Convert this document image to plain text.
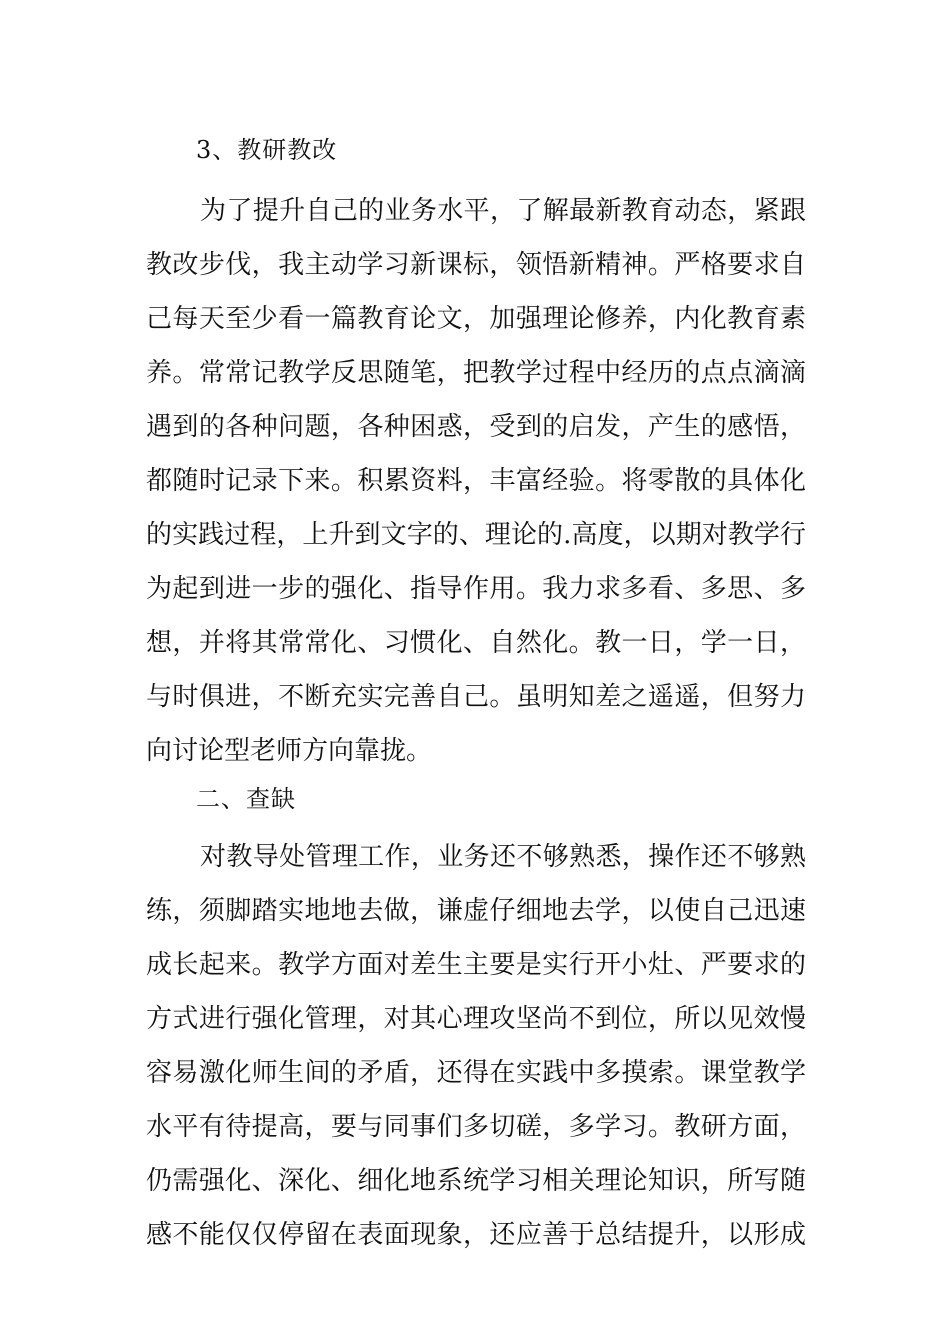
3、教研教改
为了提升自己的业务水平，了解最新教育动态，紧跟
教改步伐，我主动学习新课标，领悟新精神。严格要求自
己每天至少看一篇教育论文，加强理论修养，内化教育素
养。常常记教学反思随笔，把教学过程中经历的点点滴滴
遇到的各种问题，各种困惑，受到的启发，产生的感悟，
都随时记录下来。积累资料，丰富经验。将零散的具体化
的实践过程，上升到文字的、理论的.高度，以期对教学行
为起到进一步的强化、指导作用。我力求多看、多思、多
想，并将其常常化、习惯化、自然化。教一日，学一日，
与时俱进，不断充实完善自己。虽明知差之遥遥，但努力
向讨论型老师方向靠拢。
二、查缺
对教导处管理工作，业务还不够熟悉，操作还不够熟
练，须脚踏实地地去做，谦虚仔细地去学，以使自己迅速
成长起来。教学方面对差生主要是实行开小灶、严要求的
方式进行强化管理，对其心理攻坚尚不到位，所以见效慢
容易激化师生间的矛盾，还得在实践中多摸索。课堂教学
水平有待提高，要与同事们多切磋，多学习。教研方面，
仍需强化、深化、细化地系统学习相关理论知识，所写随
感不能仅仅停留在表面现象，还应善于总结提升，以形成
